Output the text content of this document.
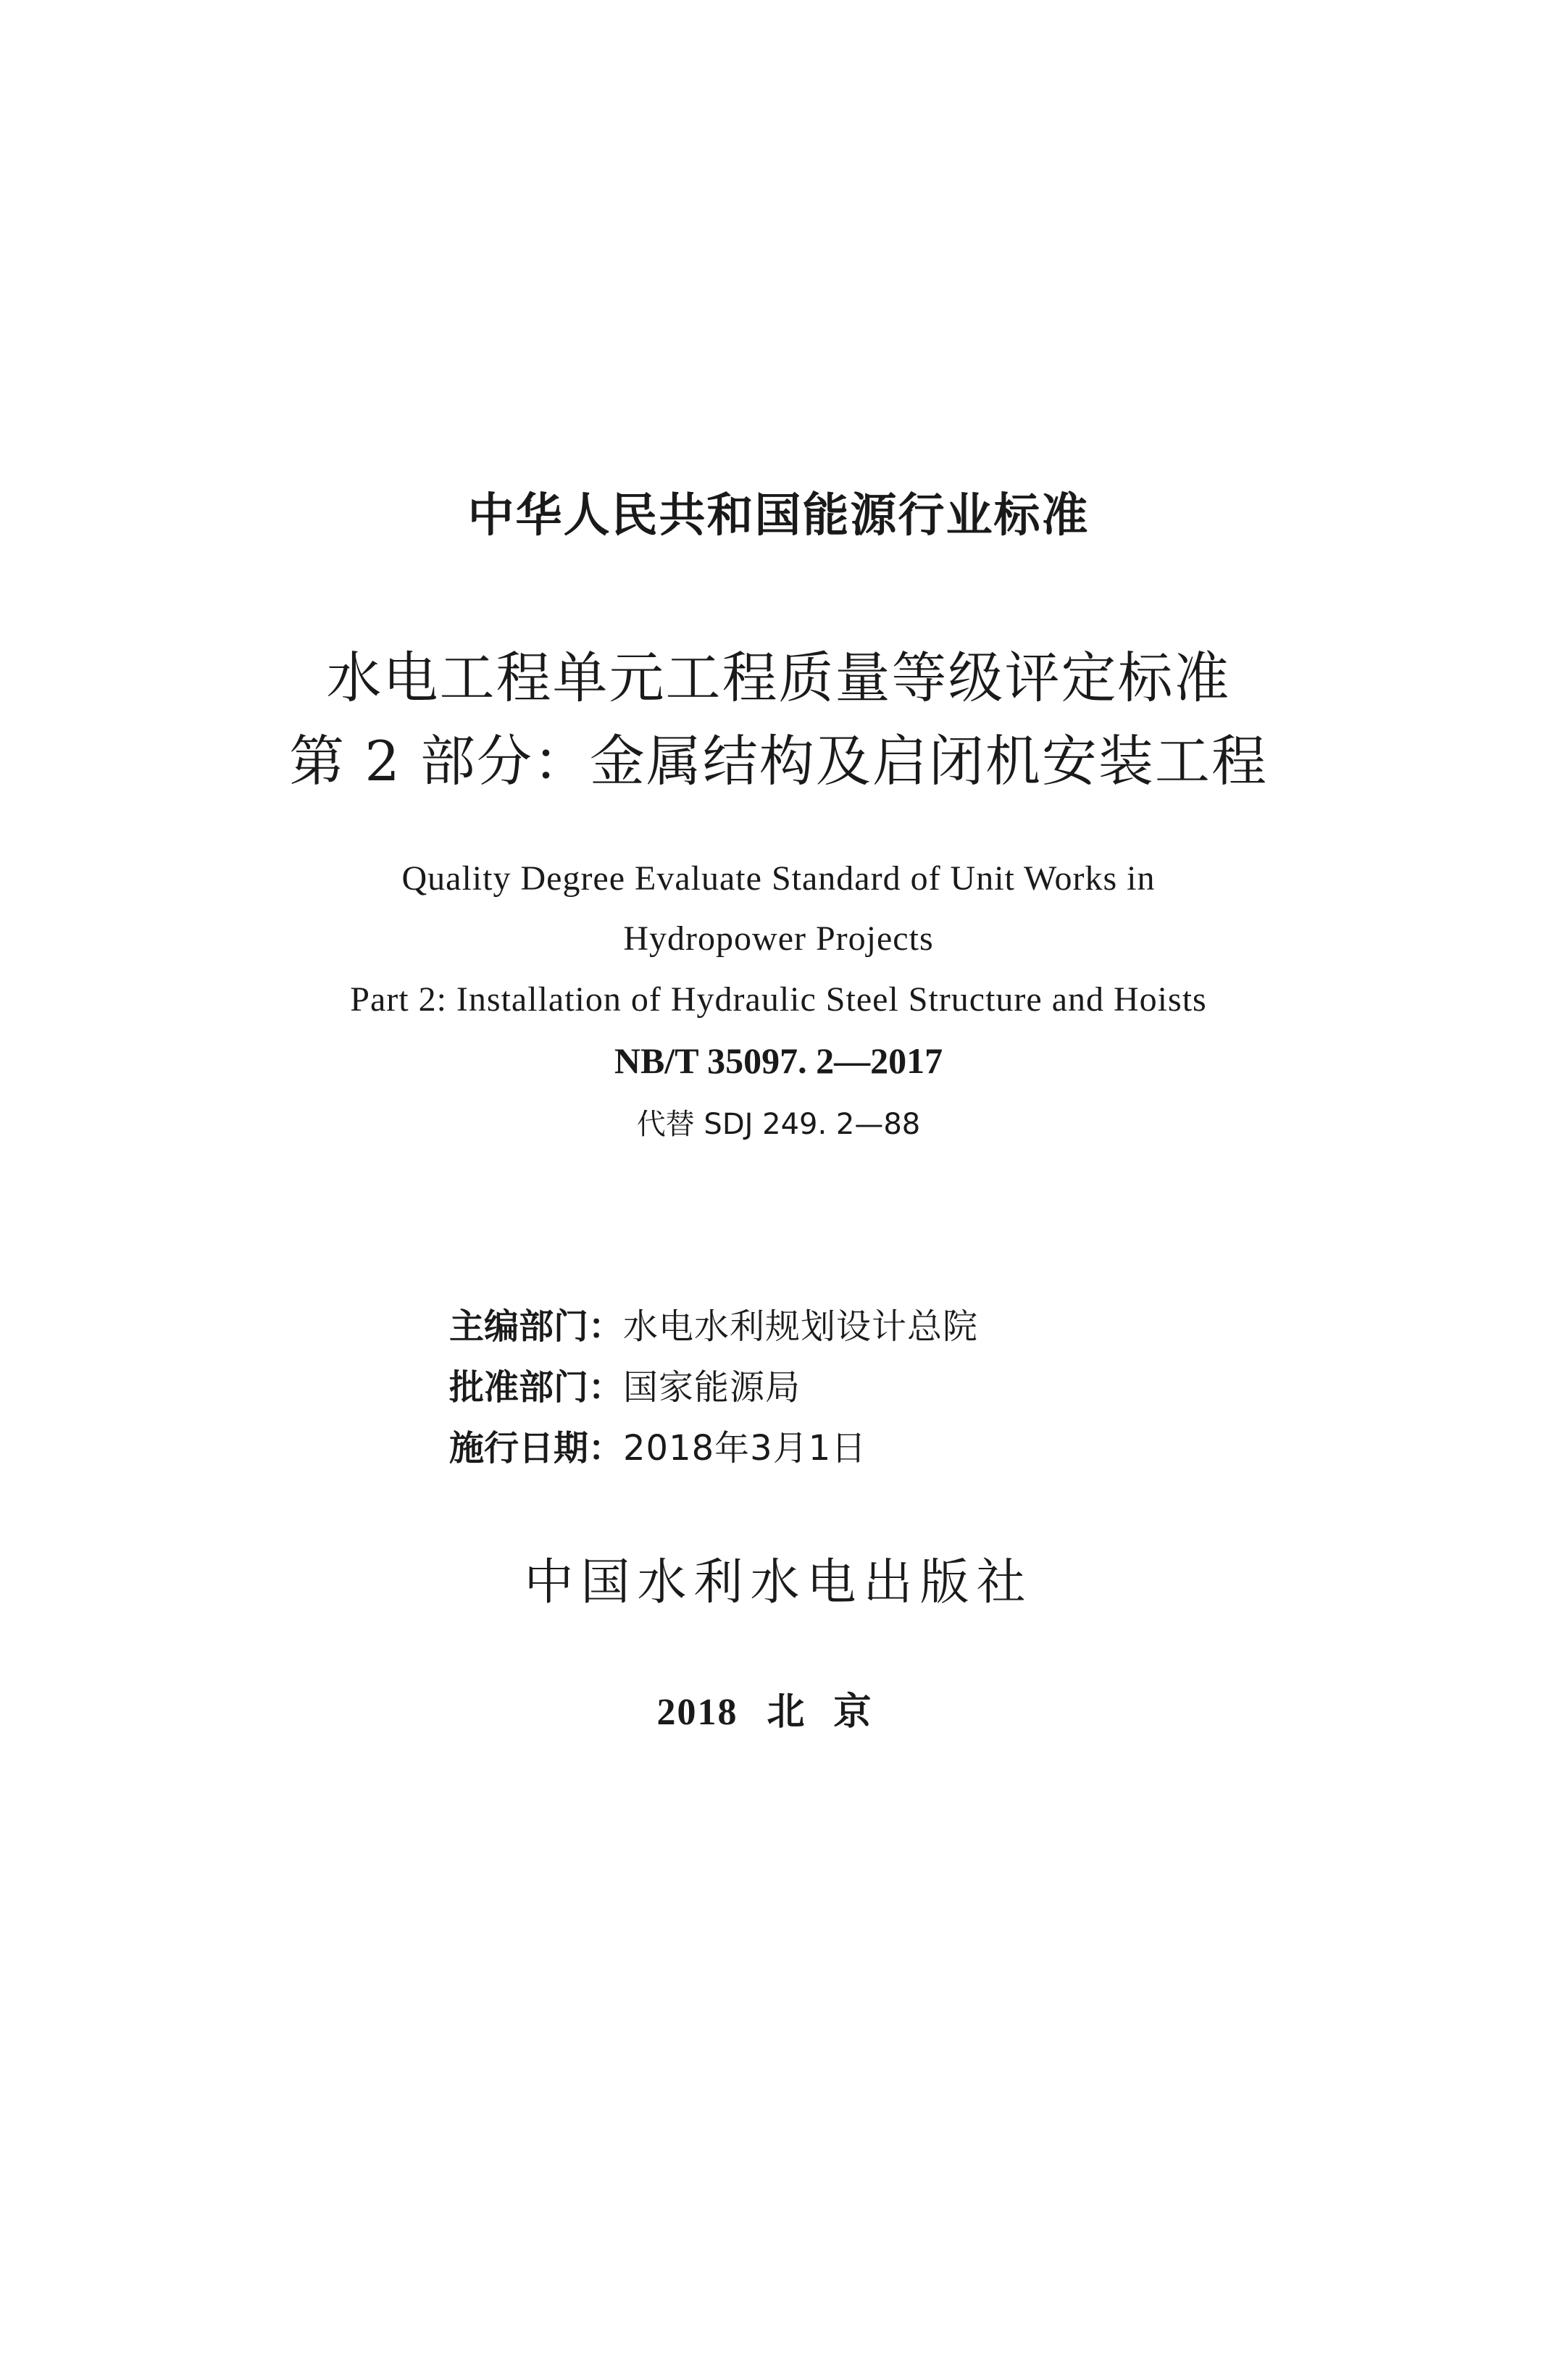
中华人民共和国能源行业标准
水电工程单元工程质量等级评定标准
第 2 部分：金属结构及启闭机安装工程
Quality Degree Evaluate Standard of Unit Works in
Hydropower Projects
Part 2: Installation of Hydraulic Steel Structure and Hoists
NB/T 35097. 2—2017
代替 SDJ 249. 2—88
主编部门：水电水利规划设计总院
批准部门：国家能源局
施行日期：2018年3月1日
中国水利水电出版社
2018 北京
